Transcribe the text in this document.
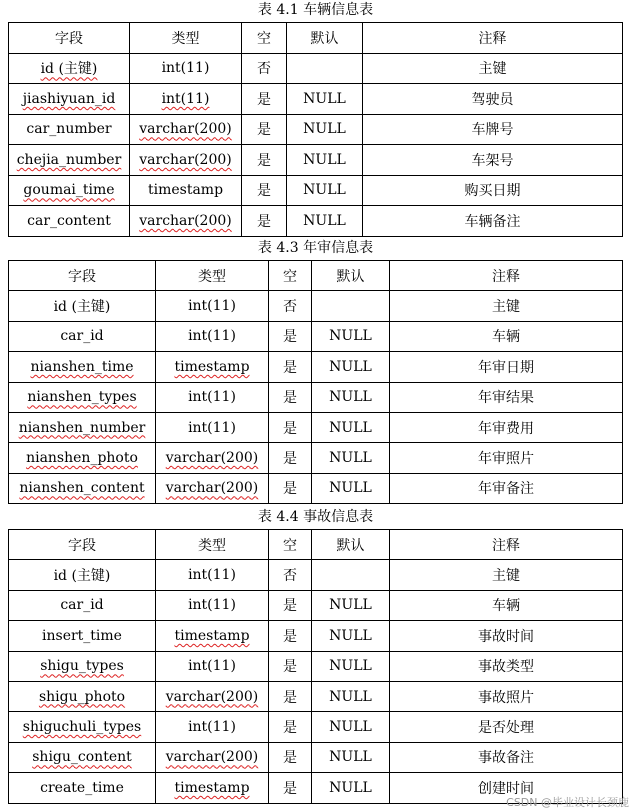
表 4.1 车辆信息表
字段	类型	空	默认	注释
id (主键)	int(11)	否		主键
jiashiyuan_id	int(11)	是	NULL	驾驶员
car_number	varchar(200)	是	NULL	车牌号
chejia_number	varchar(200)	是	NULL	车架号
goumai_time	timestamp	是	NULL	购买日期
car_content	varchar(200)	是	NULL	车辆备注
表 4.3 年审信息表
字段	类型	空	默认	注释
id (主键)	int(11)	否		主键
car_id	int(11)	是	NULL	车辆
nianshen_time	timestamp	是	NULL	年审日期
nianshen_types	int(11)	是	NULL	年审结果
nianshen_number	int(11)	是	NULL	年审费用
nianshen_photo	varchar(200)	是	NULL	年审照片
nianshen_content	varchar(200)	是	NULL	年审备注
表 4.4 事故信息表
字段	类型	空	默认	注释
id (主键)	int(11)	否		主键
car_id	int(11)	是	NULL	车辆
insert_time	timestamp	是	NULL	事故时间
shigu_types	int(11)	是	NULL	事故类型
shigu_photo	varchar(200)	是	NULL	事故照片
shiguchuli_types	int(11)	是	NULL	是否处理
shigu_content	varchar(200)	是	NULL	事故备注
create_time	timestamp	是	NULL	创建时间
CSDN @毕业设计长颈鹿
